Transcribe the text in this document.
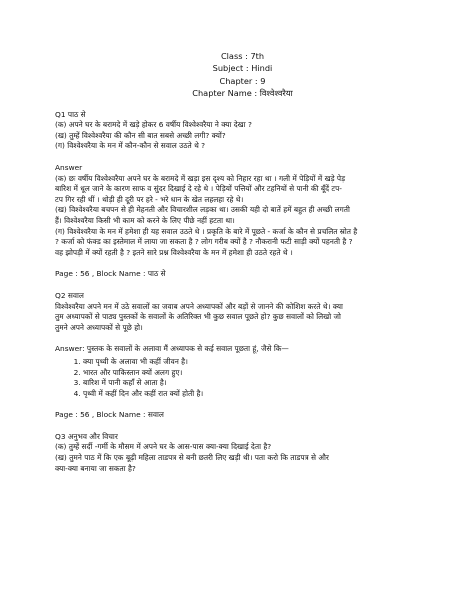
Class : 7th
Subject : Hindi
Chapter : 9
Chapter Name : विश्वेश्वरैया

Q1 पाठ से

(क) अपने घर के बरामदे में खड़े होकर 6 वर्षीय विश्वेश्वरैया ने क्या देखा ?

(ख) तुम्हें विश्वेश्वरैया की कौन सी बात सबसे अच्छी लगी? क्यों?

(ग) विश्वेश्वरैया के मन में कौन-कौन से सवाल उठते थे ?

Answer

(क) छः वर्षीय विश्वेश्वरैया अपने घर के बरामदे में खड़ा इस दृश्य को निहार रहा था । गली में पेड़ियों में खड़े पेड़

बारिश में धूल जाने के कारण साफ व सुंदर दिखाई दे रहे थे । पेड़ियों पत्तियों और टहनियों से पानी की बूँदें टप-

टप गिर रही थीं । थोड़ी ही दूरी पर हरे - भरे धान के खेत लहलहा रहे थे।

(ख) विश्वेश्वरैया बचपन से ही मेहनती और विचारशील लड़का था। उसकी यही दो बातें हमें बहुत ही अच्छी लगती

हैं। विश्वेश्वरैया किसी भी काम को करने के लिए पीछे नहीं हटता था।

(ग) विश्वेश्वरैया के मन में हमेशा ही यह सवाल उठते थे । प्रकृति के बारे में पूछते - कर्जा के कौन से प्रचलित स्रोत है

? कर्जा को फंक्ड का इस्तेमाल में लाया जा सकता है ? लोग गरीब क्यों है ? नौकरानी फटी साड़ी क्यों पहनती है ?

वह झोपड़ी में क्यों रहती है ? इतने सारे प्रश्न विश्वेश्वरैया के मन में हमेशा ही उठते रहते थे ।

Page : 56 , Block Name : पाठ से

Q2 सवाल

विश्वेश्वरैया अपने मन में उठे सवालों का जवाब अपने अध्यापकों और बड़ों से जानने की कोशिश करते थे। क्या

तुम अध्यापकों से पाठ्य पुस्तकों के सवालों के अतिरिक्त भी कुछ सवाल पूछते हो? कुछ सवालों को लिखो जो

तुमने अपने अध्यापकों से पूछे हो।

Answer: पुस्तक के सवालों के अलावा मैं अध्यापक से कई सवाल पूछता हूं, जैसे कि—

1. क्या पृथ्वी के अलावा भी कहीं जीवन है।
2. भारत और पाकिस्तान क्यों अलग हुए।
3. बारिश में पानी कहाँ से आता है।
4. पृथ्वी में कहीं दिन और कहीं रात क्यों होती है।

Page : 56 , Block Name : सवाल

Q3 अनुभव और विचार

(क) तुम्हें सर्दी -गर्मी के मौसम में अपने घर के आस-पास क्या-क्या दिखाई देता है?

(ख) तुमने पाठ में कि एक बूढ़ी महिला ताडपत्र से बनी छतरी लिए खड़ी थी। पता करो कि ताडपत्र से और

क्या-क्या बनाया जा सकता है?
